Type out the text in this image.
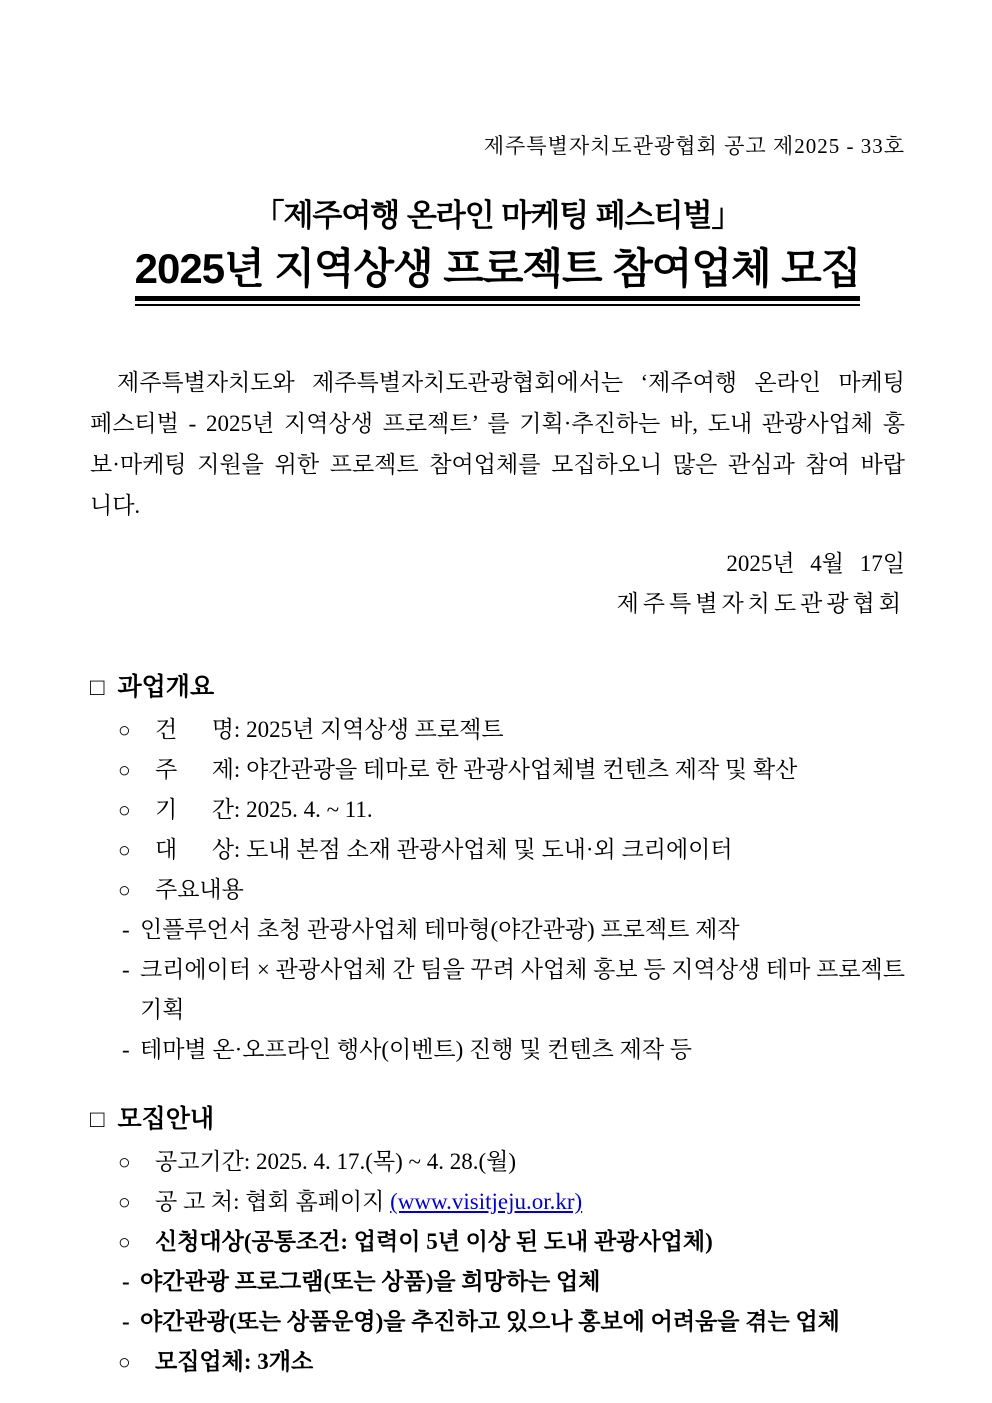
제주특별자치도관광협회 공고 제2025 - 33호
「제주여행 온라인 마케팅 페스티벌」
2025년 지역상생 프로젝트 참여업체 모집

제주특별자치도와 제주특별자치도관광협회에서는 ‘제주여행 온라인 마케팅 페스티벌 - 2025년 지역상생 프로젝트’ 를 기획·추진하는 바, 도내 관광사업체 홍보·마케팅 지원을 위한 프로젝트 참여업체를 모집하오니 많은 관심과 참여 바랍니다.

2025년 4월 17일
제주특별자치도관광협회
□ 과업개요
○	건      명: 2025년 지역상생 프로젝트
○	주      제: 야간관광을 테마로 한 관광사업체별 컨텐츠 제작 및 확산
○	기      간: 2025. 4. ~ 11.
○	대      상: 도내 본점 소재 관광사업체 및 도내·외 크리에이터
○	주요내용
- 인플루언서 초청 관광사업체 테마형(야간관광) 프로젝트 제작
- 크리에이터 × 관광사업체 간 팀을 꾸려 사업체 홍보 등 지역상생 테마 프로젝트 기획
- 테마별 온·오프라인 행사(이벤트) 진행 및 컨텐츠 제작 등
□ 모집안내
○	공고기간: 2025. 4. 17.(목) ~ 4. 28.(월)
○	공 고 처: 협회 홈페이지 (www.visitjeju.or.kr)
○	신청대상(공통조건: 업력이 5년 이상 된 도내 관광사업체)
- 야간관광 프로그램(또는 상품)을 희망하는 업체
- 야간관광(또는 상품운영)을 추진하고 있으나 홍보에 어려움을 겪는 업체
○	모집업체: 3개소
